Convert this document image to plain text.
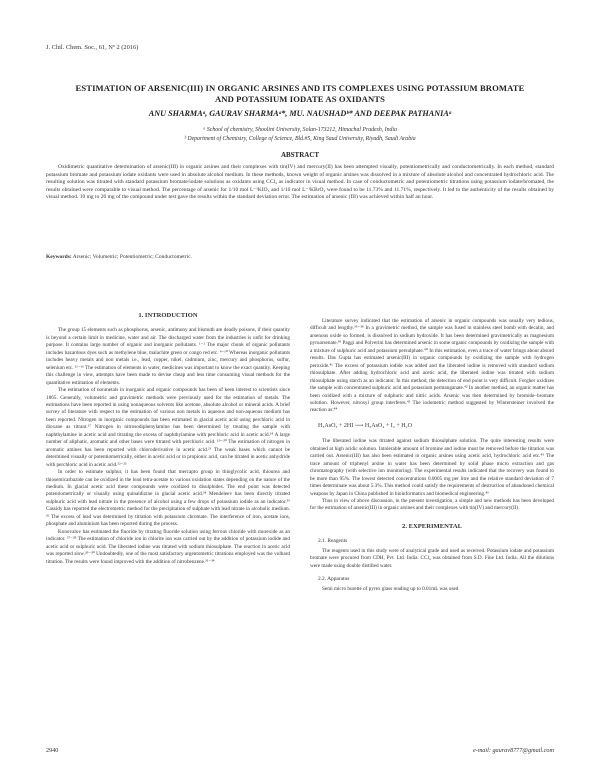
J. Chil. Chem. Soc., 61, Nº 2 (2016)
ESTIMATION OF ARSENIC(III) IN ORGANIC ARSINES AND ITS COMPLEXES USING POTASSIUM BROMATE
AND POTASSIUM IODATE AS OXIDANTS
ANU SHARMAᵃ, GAURAV SHARMAᵃ*, MU. NAUSHADᵇ* AND DEEPAK PATHANIAᵃ
ᵃ School of chemistry, Shoolini University, Solan-173212, Himachal Pradesh, India
ᵇ Department of Chemistry, College of Science, Bld.#5, King Saud University, Riyadh, Saudi Arabia
ABSTRACT
Oxidimetric quantitative determination of arsenic(III) in organic arsines and their complexes with tin(IV) and mercury(II) has been attempted visually, potentiometrically and conductometrically. In each method, standard potassium bromate and potassium iodate oxidants were used in absolute alcohol medium. In these methods, known weight of organic arsines was dissolved in a mixture of absolute alcohol and concentrated hydrochloric acid. The resulting solution was titrated with standard potassium bromate/iodate solutions as oxidants using CCl₄ as indicator in visual method. In case of conductometric and potentiometric titrations using potassium iodate/bromated, the results obtained were comparable to visual method. The percentage of arsenic for 1/10 mol L⁻¹KIO₃ and 1/10 mol L⁻¹KBrO₃ were found to be 11.73% and 11.71%, respectively. It led to the authenticity of the results obtained by visual method. 10 mg to 20 mg of the compound under test gave the results within the standard deviation error. The estimation of arsenic (III) was achieved within half an hour.
Keywords: Arsenic; Volumetric; Potentiometric; Conductometric.
1. INTRODUCTION

The group 15 elements such as phosphorus, arsenic, antimony and bismuth are deadly poisons, if their quantity is beyond a certain limit in medicine, water and air. The discharged water from the industries is unfit for drinking purpose. It contains large number of organic and inorganic pollutants. ¹⁻² The major chunk of organic pollutants includes hazardous dyes such as methylene blue, malachite green or congo red etc. ⁴⁻¹⁰ Whereas inorganic pollutants includes heavy metals and non metals i.e., lead, copper, nikel, cadmium, zinc, mercury and phosphorus, sulfur, selenium etc. ¹¹⁻¹⁶ The estimation of elements in water, medicines was important to know the exact quantity. Keeping this challenge in view, attempts have been made to devise cheap and less time consuming visual methods for the quantitative estimation of elements.

The estimation of nonmetals in inorganic and organic compounds has been of keen interest to scientists since 1865. Generally, volumetric and gravimetric methods were previously used for the estimation of metals. The estimations have been reported in using nonaqueous solvents like acetone, absolute alcohol or mineral acids. A brief survey of literature with respect to the estimation of various non metals in aqueous and non-aqueous medium has been reported. Nitrogen in inorganic compounds has been estimated in glacial acetic acid using perchloric acid in dioxane as titrant.¹⁷ Nitrogen in nitrosodiphenylamine has been determined by treating the sample with naphthylamine in acetic acid and titrating the excess of naphthylamine with perchloric acid in acetic acid.¹⁸ A large number of aliphatic, aromatic and other bases were titrated with perchloric acid. ¹⁹⁻²⁰ The estimation of nitrogen in aromatic amines has been reported with chloroderivative in acetic acid.²¹ The weak bases which cannot be determined visually or potentiometrically, either in acetic acid or in propionic acid, can be titrated in acetic anhydride with perchloric acid in acetic acid.²²⁻²³

In order to estimate sulphur, it has been found that mercapto group in thioglycolic acid, thiourea and thiosemicarbazide can be oxidized in the lead tetra-acetate to various oxidation states depending on the nature of the medium. In glacial acetic acid these compounds were oxidized to disulphides. The end point was detected potentiometrically or visually using quinaldizine in glacial acetic acid.²⁴ Mendeleev has been directly titrated sulphuric acid with lead nitrate in the presence of alcohol using a few drops of potassium iodide as an indicator.²⁵ Cassidy has reported the electrometric method for the precipitation of sulphate with lead nitrate in alcoholic medium. ²⁶ The excess of lead was determined by titration with potassium chromate. The interference of iron, acetate ions, phosphate and aluminium has been reported during the process.

Konovalov has estimated the fluoride by titrating fluoride solution using ferrous chloride with murexide as an indicator. ²⁷⁻²⁸ The estimation of chloride ion in chlorite ion was carried out by the addition of potassium iodide and acetic acid or sulphuric acid. The liberated iodine was titrated with sodium thiosulphate. The reaction in acetic acid was reported slow.²⁹⁻³⁰ Undoubtedly, one of the most satisfactory argentometric titrations employed was the volhard titration. The results were found improved with the addition of nitrobenzene.³¹⁻³⁴

Literature survey indicated that the estimation of arsenic in organic compounds was usually very tedious, difficult and lengthy.³⁵⁻³⁸ In a gravimetric method, the sample was fused in stainless steel bomb with decalin, and arsenous oxide so formed, is dissolved in sodium hydroxide. It has been determined gravimetrically as magnesium pyroarsenate.³⁹ Paggi and Polverini has determined arsenic in some organic compounds by oxidizing the sample with a mixture of sulphuric acid and potassium persulphate.⁴⁰ In this estimation, even a trace of water brings about absurd results. Das Gupta has estimated arsenic(III) in organic compounds by oxidizing the sample with hydrogen peroxide.⁴¹ The excess of potassium iodide was added and the liberated iodine is removed with standard sodium thiosulphate. After adding hydrochloric acid and acetic acid, the liberated iodine was titrated with sodium thiosulphate using starch as an indicator. In this method, the detection of end point is very difficult. Forgher oxidizes the sample with concentrated sulphuric acid and potassium permanganate.⁴² In another method, an organic matter has been oxidized with a mixture of sulphuric and nitric acids. Arsenic was then determined by bromide–bromate solution. However, nitrosyl group interferes.⁴³ The iodometric method suggested by Wintersteiner involved the reaction as:⁴⁴

H₃AsO₃ + 2HI ⟶ H₃AsO₄ + I₂ + H₂O

The liberated iodine was titrated against sodium thiosulphate solution. The quite interesting results were obtained at high acidic solution. Intolerable amount of bromine and iodine must be removed before the titration was carried out. Arsenic(III) has also been estimated in organic arsines using acetic acid, hydrochloric acid etc.⁴⁵ The trace amount of triphenyl arsine in water has been determined by solid phase micro extraction and gas chromatography (with selective ion monitoring). The experimental results indicated that the recovery was found to be more than 95%. The lowest detected concentrations 0.0005 mg per litre and the relative standard deviation of 7 times determinate was about 5.3%. This method could satisfy the requirements of destruction of abandoned chemical weapons by Japan in China published in bioinformatics and biomedical engineering.⁴⁶

Thus in view of above discussion, in the present investigation, a simple and new methods has been developed for the estimation of arsenic(III) in organic arsines and their complexes with tin(IV) and mercury(II).

2. EXPERIMENTAL
2.1. Reagents

The reagents used in this study were of analytical grade and used as received. Potassium iodate and potassium bromate were procured from CDH, Pvt. Ltd. India. CCl₄ was obtained from S.D. Fine Ltd. India. All the dilutions were made using double distilled water.

2.2. Apparatus

Semi micro burette of pyrex glass reading up to 0.01mL was used

2940	e-mail: gaurav8777@gmail.com
